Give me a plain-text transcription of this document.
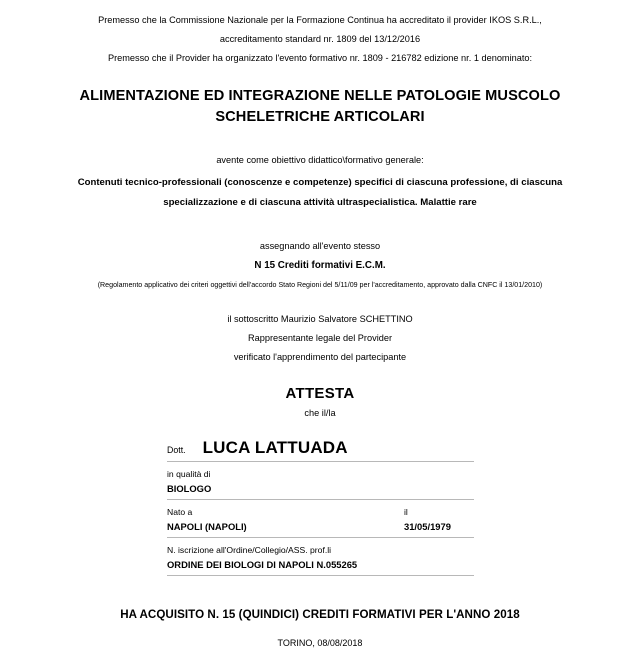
Premesso che la Commissione Nazionale per la Formazione Continua ha accreditato il provider IKOS S.R.L.,
accreditamento standard nr. 1809 del 13/12/2016
Premesso che il Provider ha organizzato l'evento formativo nr. 1809 - 216782 edizione nr. 1 denominato:
ALIMENTAZIONE ED INTEGRAZIONE NELLE PATOLOGIE MUSCOLO
SCHELETRICHE ARTICOLARI
avente come obiettivo didattico\formativo generale:
Contenuti tecnico-professionali (conoscenze e competenze) specifici di ciascuna professione, di ciascuna
specializzazione e di ciascuna attività ultraspecialistica. Malattie rare
assegnando all'evento stesso
N 15 Crediti formativi E.C.M.
(Regolamento applicativo dei criteri oggettivi dell'accordo Stato Regioni del 5/11/09 per l'accreditamento, approvato dalla CNFC il 13/01/2010)
il sottoscritto Maurizio Salvatore SCHETTINO
Rappresentante legale del Provider
verificato l'apprendimento del partecipante
ATTESTA
che il/la
Dott. LUCA LATTUADA
in qualità di
BIOLOGO
Nato a
NAPOLI (NAPOLI)
il
31/05/1979
N. iscrizione all'Ordine/Collegio/ASS. prof.li
ORDINE DEI BIOLOGI DI NAPOLI N.055265
HA ACQUISITO N. 15 (QUINDICI) CREDITI FORMATIVI PER L'ANNO 2018
TORINO, 08/08/2018
